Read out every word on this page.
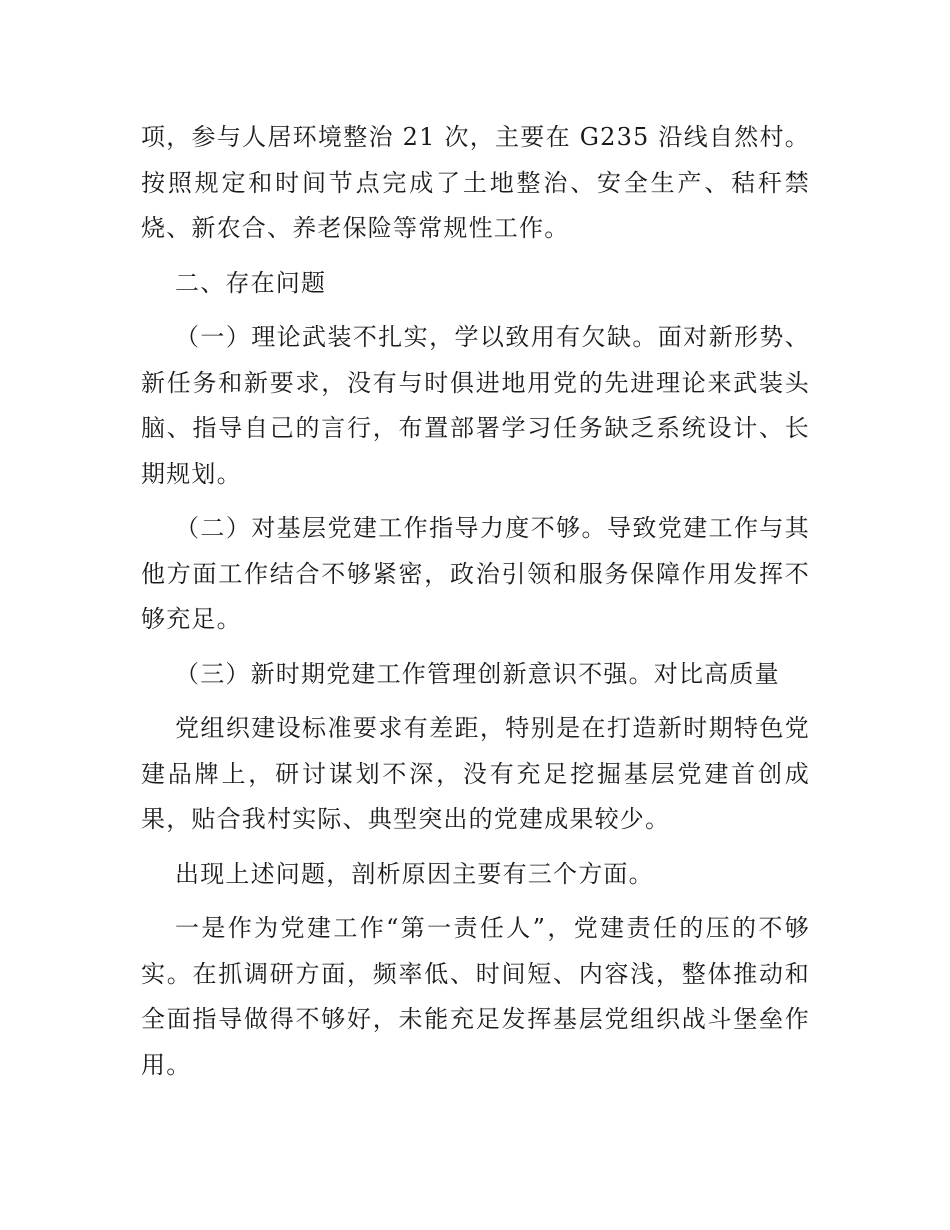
项，参与人居环境整治 21 次，主要在 G235 沿线自然村。按照规定和时间节点完成了土地整治、安全生产、秸秆禁烧、新农合、养老保险等常规性工作。

二、存在问题

（一）理论武装不扎实，学以致用有欠缺。面对新形势、新任务和新要求，没有与时俱进地用党的先进理论来武装头脑、指导自己的言行，布置部署学习任务缺乏系统设计、长期规划。

（二）对基层党建工作指导力度不够。导致党建工作与其他方面工作结合不够紧密，政治引领和服务保障作用发挥不够充足。

（三）新时期党建工作管理创新意识不强。对比高质量

党组织建设标准要求有差距，特别是在打造新时期特色党建品牌上，研讨谋划不深，没有充足挖掘基层党建首创成果，贴合我村实际、典型突出的党建成果较少。

出现上述问题，剖析原因主要有三个方面。

一是作为党建工作“第一责任人”，党建责任的压的不够实。在抓调研方面，频率低、时间短、内容浅，整体推动和全面指导做得不够好，未能充足发挥基层党组织战斗堡垒作用。
